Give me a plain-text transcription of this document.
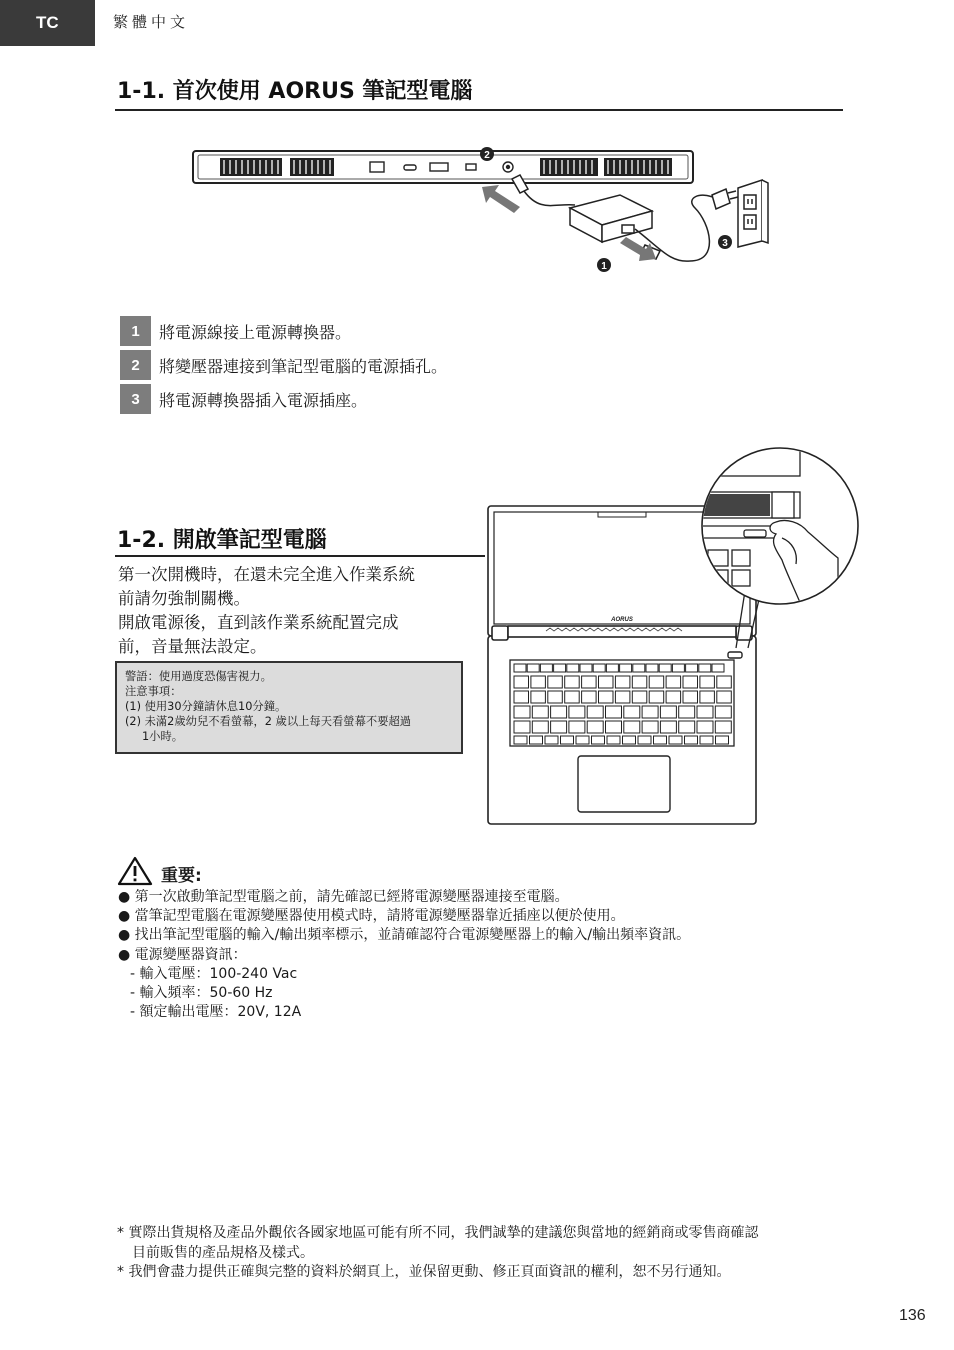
TC	繁體中文
1-1. 首次使用 AORUS 筆記型電腦
2
1
3
1	將電源線接上電源轉換器。
2	將變壓器連接到筆記型電腦的電源插孔。
3	將電源轉換器插入電源插座。
1-2. 開啟筆記型電腦

第一次開機時，在還未完全進入作業系統

前請勿強制關機。

開啟電源後，直到該作業系統配置完成

前，音量無法設定。

警語：使用過度恐傷害視力。

注意事項：

(1) 使用30分鐘請休息10分鐘。

(2) 未滿2歲幼兒不看螢幕，2 歲以上每天看螢幕不要超過

1小時。

AORUS
重要:

● 第一次啟動筆記型電腦之前，請先確認已經將電源變壓器連接至電腦。

● 當筆記型電腦在電源變壓器使用模式時，請將電源變壓器靠近插座以便於使用。

● 找出筆記型電腦的輸入/輸出頻率標示，並請確認符合電源變壓器上的輸入/輸出頻率資訊。

● 電源變壓器資訊：

- 輸入電壓：100-240 Vac

- 輸入頻率：50-60 Hz

- 額定輸出電壓：20V, 12A

* 實際出貨規格及產品外觀依各國家地區可能有所不同，我們誠摯的建議您與當地的經銷商或零售商確認

目前販售的產品規格及樣式。

* 我們會盡力提供正確與完整的資料於網頁上，並保留更動、修正頁面資訊的權利，恕不另行通知。

136
